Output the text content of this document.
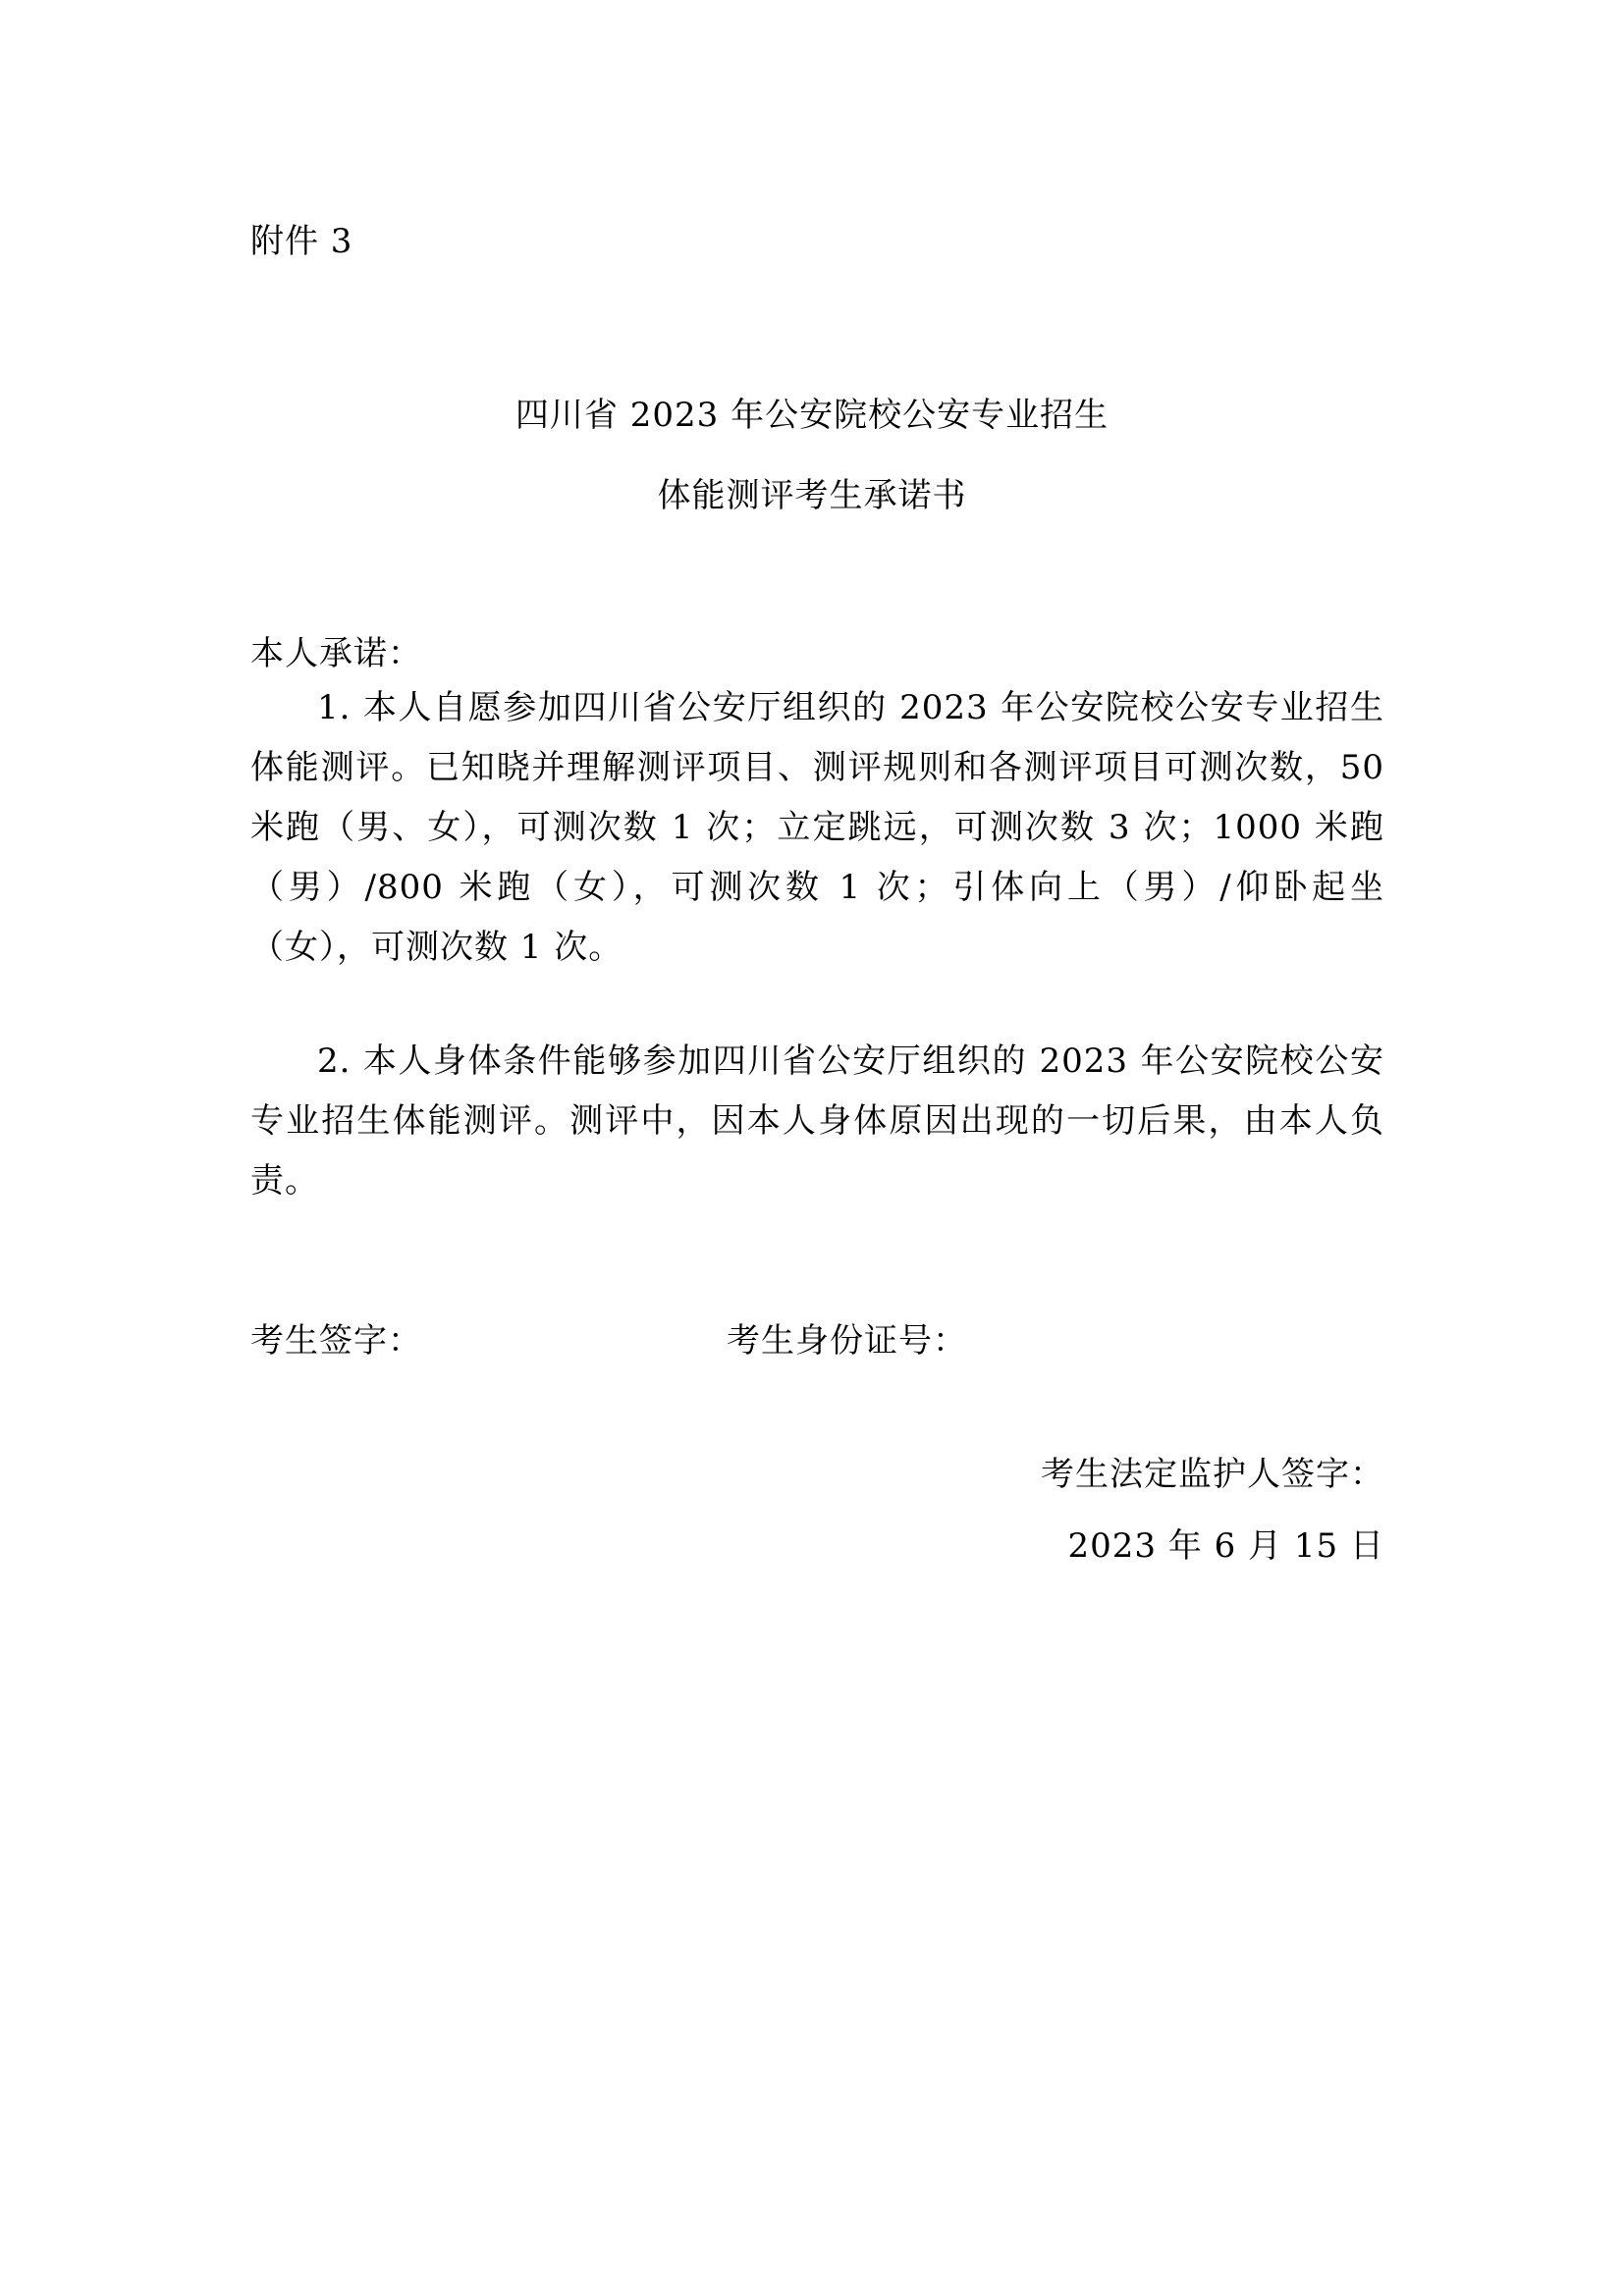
附件 3
四川省 2023 年公安院校公安专业招生
体能测评考生承诺书
本人承诺：
1. 本人自愿参加四川省公安厅组织的 2023 年公安院校公安专业招生体能测评。已知晓并理解测评项目、测评规则和各测评项目可测次数，50 米跑（男、女），可测次数 1 次；立定跳远，可测次数 3 次；1000 米跑（男）/800 米跑（女），可测次数 1 次；引体向上（男）/仰卧起坐（女），可测次数 1 次。
2. 本人身体条件能够参加四川省公安厅组织的 2023 年公安院校公安专业招生体能测评。测评中，因本人身体原因出现的一切后果，由本人负责。
考生签字：	考生身份证号：
考生法定监护人签字：
2023 年 6 月 15 日
